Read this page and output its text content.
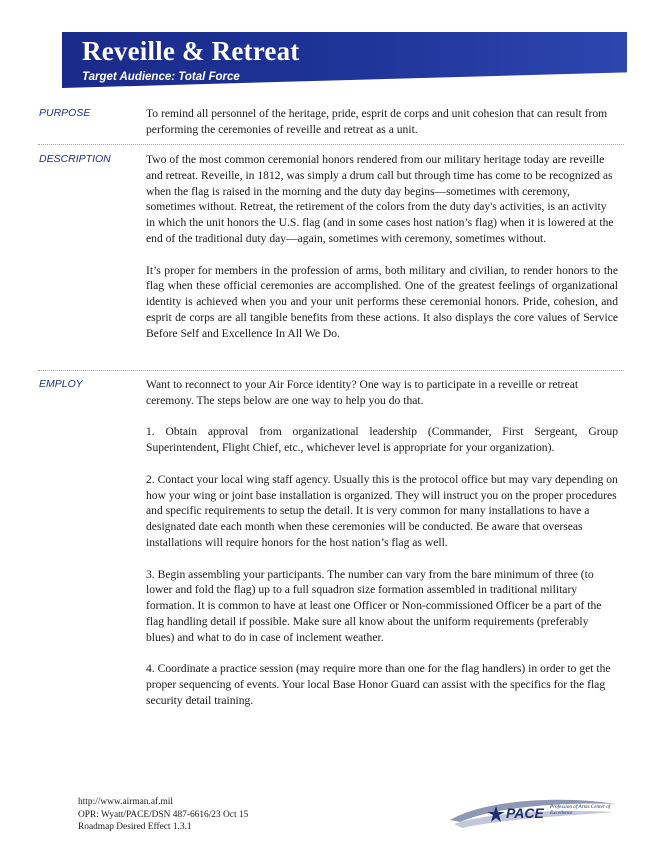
Reveille & Retreat
Target Audience: Total Force
PURPOSE	To remind all personnel of the heritage, pride, esprit de corps and unit cohesion that can result from performing the ceremonies of reveille and retreat as a unit.

DESCRIPTION	Two of the most common ceremonial honors rendered from our military heritage today are reveille and retreat. Reveille, in 1812, was simply a drum call but through time has come to be recognized as when the flag is raised in the morning and the duty day begins—sometimes with ceremony, sometimes without. Retreat, the retirement of the colors from the duty day's activities, is an activity in which the unit honors the U.S. flag (and in some cases host nation’s flag) when it is lowered at the end of the traditional duty day—again, sometimes with ceremony, sometimes without.

It’s proper for members in the profession of arms, both military and civilian, to render honors to the flag when these official ceremonies are accomplished. One of the greatest feelings of organizational identity is achieved when you and your unit performs these ceremonial honors. Pride, cohesion, and esprit de corps are all tangible benefits from these actions. It also displays the core values of Service Before Self and Excellence In All We Do.

EMPLOY	Want to reconnect to your Air Force identity? One way is to participate in a reveille or retreat ceremony. The steps below are one way to help you do that.

1. Obtain approval from organizational leadership (Commander, First Sergeant, Group Superintendent, Flight Chief, etc., whichever level is appropriate for your organization).

2. Contact your local wing staff agency. Usually this is the protocol office but may vary depending on how your wing or joint base installation is organized. They will instruct you on the proper procedures and specific requirements to setup the detail. It is very common for many installations to have a designated date each month when these ceremonies will be conducted. Be aware that overseas installations will require honors for the host nation’s flag as well.

3. Begin assembling your participants. The number can vary from the bare minimum of three (to lower and fold the flag) up to a full squadron size formation assembled in traditional military formation. It is common to have at least one Officer or Non-commissioned Officer be a part of the flag handling detail if possible. Make sure all know about the uniform requirements (preferably blues) and what to do in case of inclement weather.

4. Coordinate a practice session (may require more than one for the flag handlers) in order to get the proper sequencing of events. Your local Base Honor Guard can assist with the specifics for the flag security detail training.

http://www.airman.af.mil
OPR: Wyatt/PACE/DSN 487-6616/23 Oct 15
Roadmap Desired Effect 1.3.1
PACE Profession of Arms Center of Excellence
